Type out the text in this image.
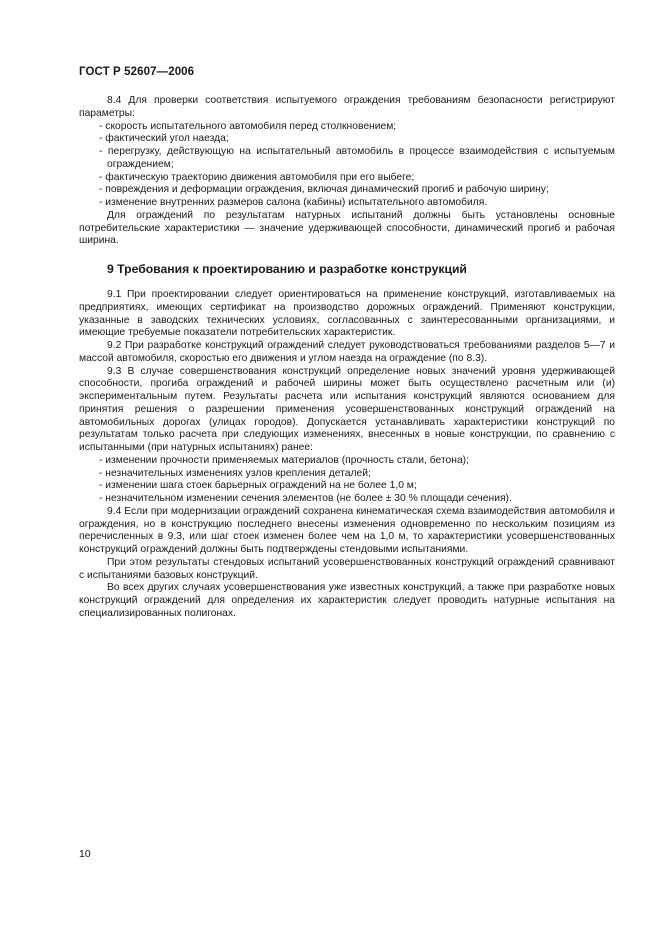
ГОСТ Р 52607—2006

8.4 Для проверки соответствия испытуемого ограждения требованиям безопасности регистрируют параметры:

- скорость испытательного автомобиля перед столкновением;

- фактический угол наезда;

- перегрузку, действующую на испытательный автомобиль в процессе взаимодействия с испытуемым ограждением;

- фактическую траекторию движения автомобиля при его выбеге;

- повреждения и деформации ограждения, включая динамический прогиб и рабочую ширину;

- изменение внутренних размеров салона (кабины) испытательного автомобиля.

Для ограждений по результатам натурных испытаний должны быть установлены основные потребительские характеристики — значение удерживающей способности, динамический прогиб и рабочая ширина.

9 Требования к проектированию и разработке конструкций

9.1 При проектировании следует ориентироваться на применение конструкций, изготавливаемых на предприятиях, имеющих сертификат на производство дорожных ограждений. Применяют конструкции, указанные в заводских технических условиях, согласованных с заинтересованными организациями, и имеющие требуемые показатели потребительских характеристик.

9.2 При разработке конструкций ограждений следует руководствоваться требованиями разделов 5—7 и массой автомобиля, скоростью его движения и углом наезда на ограждение (по 8.3).

9.3 В случае совершенствования конструкций определение новых значений уровня удерживающей способности, прогиба ограждений и рабочей ширины может быть осуществлено расчетным или (и) экспериментальным путем. Результаты расчета или испытания конструкций являются основанием для принятия решения о разрешении применения усовершенствованных конструкций ограждений на автомобильных дорогах (улицах городов). Допускается устанавливать характеристики конструкций по результатам только расчета при следующих изменениях, внесенных в новые конструкции, по сравнению с испытанными (при натурных испытаниях) ранее:

- изменении прочности применяемых материалов (прочность стали, бетона);

- незначительных изменениях узлов крепления деталей;

- изменении шага стоек барьерных ограждений на не более 1,0 м;

- незначительном изменении сечения элементов (не более ± 30 % площади сечения).

9.4 Если при модернизации ограждений сохранена кинематическая схема взаимодействия автомобиля и ограждения, но в конструкцию последнего внесены изменения одновременно по нескольким позициям из перечисленных в 9.3, или шаг стоек изменен более чем на 1,0 м, то характеристики усовершенствованных конструкций ограждений должны быть подтверждены стендовыми испытаниями.

При этом результаты стендовых испытаний усовершенствованных конструкций ограждений сравнивают с испытаниями базовых конструкций.

Во всех других случаях усовершенствования уже известных конструкций, а также при разработке новых конструкций ограждений для определения их характеристик следует проводить натурные испытания на специализированных полигонах.

10
